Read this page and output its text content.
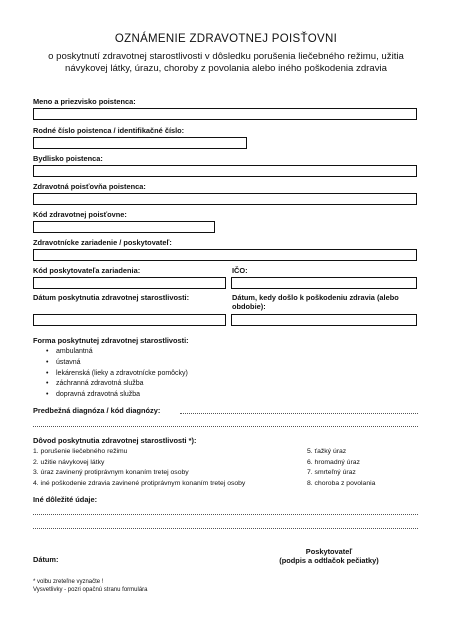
OZNÁMENIE ZDRAVOTNEJ POISŤOVNI
o poskytnutí zdravotnej starostlivosti v dôsledku porušenia liečebného režimu, užitia návykovej látky, úrazu, choroby z povolania alebo iného poškodenia zdravia
Meno a priezvisko poistenca:
Rodné číslo poistenca / identifikačné číslo:
Bydlisko poistenca:
Zdravotná poisťovňa poistenca:
Kód zdravotnej poisťovne:
Zdravotnícke zariadenie / poskytovateľ:
Kód poskytovateľa zariadenia:	IČO:
Dátum poskytnutia zdravotnej starostlivosti:	Dátum, kedy došlo k poškodeniu zdravia (alebo obdobie):
Forma poskytnutej zdravotnej starostlivosti:
• ambulantná
• ústavná
• lekárenská (lieky a zdravotnícke pomôcky)
• záchranná zdravotná služba
• dopravná zdravotná služba
Predbežná diagnóza / kód diagnózy:
Dôvod poskytnutia zdravotnej starostlivosti *):
1. porušenie liečebného režimu
2. užitie návykovej látky
3. úraz zavinený protiprávnym konaním tretej osoby
4. iné poškodenie zdravia zavinené protiprávnym konaním tretej osoby
5. ťažký úraz
6. hromadný úraz
7. smrteľný úraz
8. choroba z povolania
Iné dôležité údaje:
Dátum:
Poskytovateľ
(podpis a odtlačok pečiatky)
* volbu zreteľne vyznačte !
Vysvetlivky - pozri opačnú stranu formulára
